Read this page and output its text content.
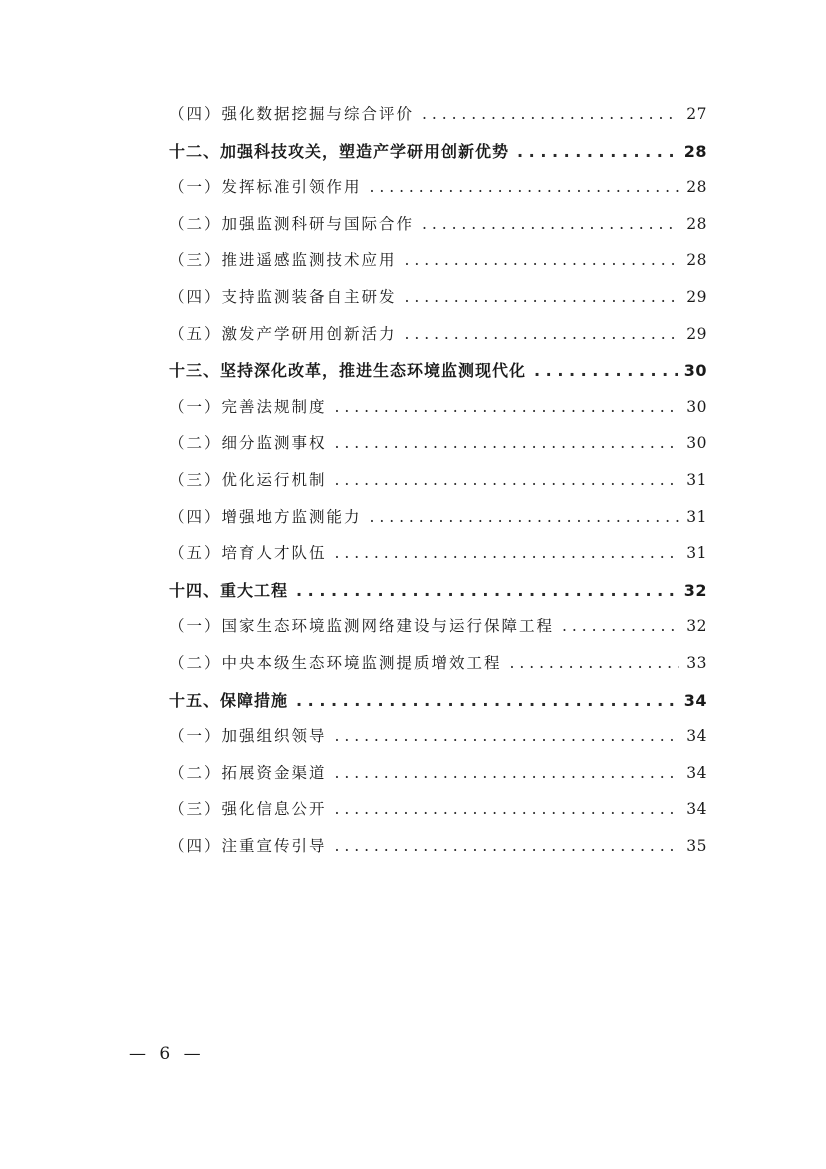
（四）强化数据挖掘与综合评价 . . .	27
十二、加强科技攻关，塑造产学研用创新优势 . . .	28
（一）发挥标准引领作用 . . .	28
（二）加强监测科研与国际合作 . . .	28
（三）推进遥感监测技术应用 . . .	28
（四）支持监测装备自主研发 . . .	29
（五）激发产学研用创新活力 . . .	29
十三、坚持深化改革，推进生态环境监测现代化 . . .	30
（一）完善法规制度 . . .	30
（二）细分监测事权 . . .	30
（三）优化运行机制 . . .	31
（四）增强地方监测能力 . . .	31
（五）培育人才队伍 . . .	31
十四、重大工程 . . .	32
（一）国家生态环境监测网络建设与运行保障工程 . . .	32
（二）中央本级生态环境监测提质增效工程 . . .	33
十五、保障措施 . . .	34
（一）加强组织领导 . . .	34
（二）拓展资金渠道 . . .	34
（三）强化信息公开 . . .	34
（四）注重宣传引导 . . .	35
— 6 —
